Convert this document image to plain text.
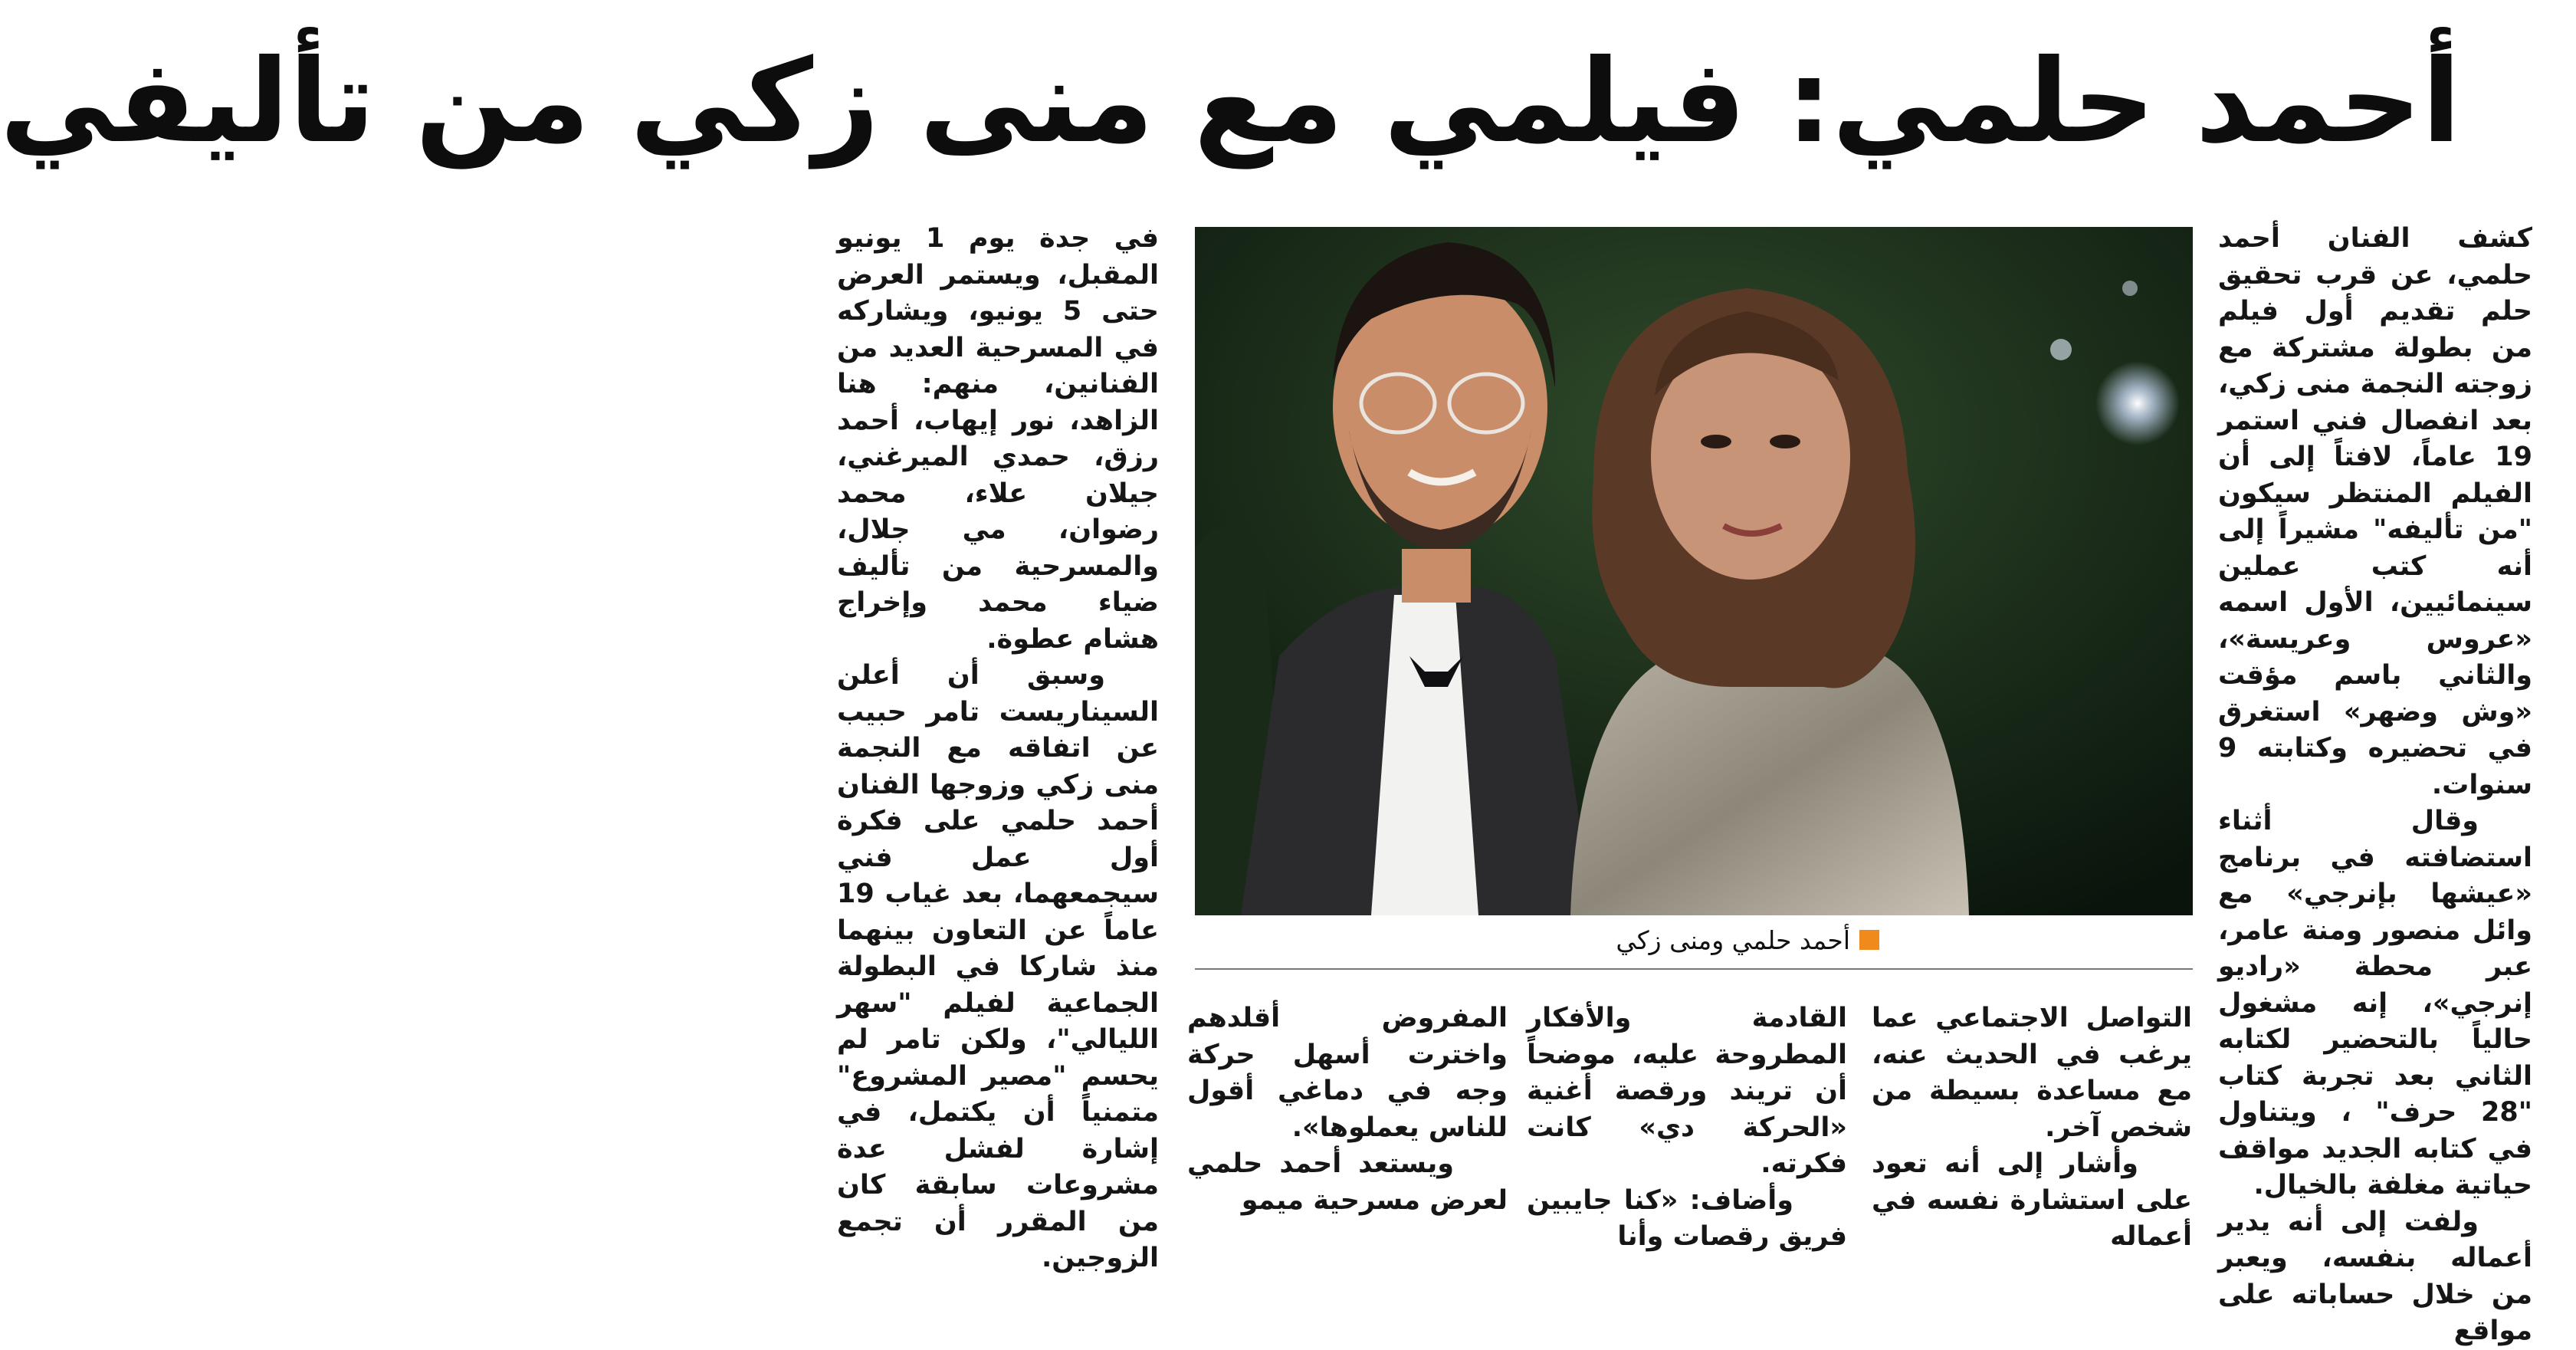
أحمد حلمي: فيلمي مع منى زكي من تأليفي

كشف الفنان أحمد حلمي، عن قرب تحقيق حلم تقديم أول فيلم من بطولة مشتركة مع زوجته النجمة منى زكي، بعد انفصال فني استمر 19 عاماً، لافتاً إلى أن الفيلم المنتظر سيكون "من تأليفه" مشيراً إلى أنه كتب عملين سينمائيين، الأول اسمه «عروس وعريسة»، والثاني باسم مؤقت «وش وضهر» استغرق في تحضيره وكتابته 9 سنوات.

وقال أثناء استضافته في برنامج «عيشها بإنرجي» مع وائل منصور ومنة عامر، عبر محطة «راديو إنرجي»، إنه مشغول حالياً بالتحضير لكتابه الثاني بعد تجربة كتاب "28 حرف" ، ويتناول في كتابه الجديد مواقف حياتية مغلفة بالخيال.

ولفت إلى أنه يدير أعماله بنفسه، ويعبر من خلال حساباته على مواقع

أحمد حلمي ومنى زكي

التواصل الاجتماعي عما يرغب في الحديث عنه، مع مساعدة بسيطة من شخص آخر.

وأشار إلى أنه تعود على استشارة نفسه في أعماله

القادمة والأفكار المطروحة عليه، موضحاً أن تريند ورقصة أغنية «الحركة دي» كانت فكرته.

وأضاف: «كنا جايبين فريق رقصات وأنا

المفروض أقلدهم واخترت أسهل حركة وجه في دماغي أقول للناس يعملوها».

ويستعد أحمد حلمي لعرض مسرحية ميمو

في جدة يوم 1 يونيو المقبل، ويستمر العرض حتى 5 يونيو، ويشاركه في المسرحية العديد من الفنانين، منهم: هنا الزاهد، نور إيهاب، أحمد رزق، حمدي الميرغني، جيلان علاء، محمد رضوان، مي جلال، والمسرحية من تأليف ضياء محمد وإخراج هشام عطوة.

وسبق أن أعلن السيناريست تامر حبيب عن اتفاقه مع النجمة منى زكي وزوجها الفنان أحمد حلمي على فكرة أول عمل فني سيجمعهما، بعد غياب 19 عاماً عن التعاون بينهما منذ شاركا في البطولة الجماعية لفيلم "سهر الليالي"، ولكن تامر لم يحسم "مصير المشروع" متمنياً أن يكتمل، في إشارة لفشل عدة مشروعات سابقة كان من المقرر أن تجمع الزوجين.
